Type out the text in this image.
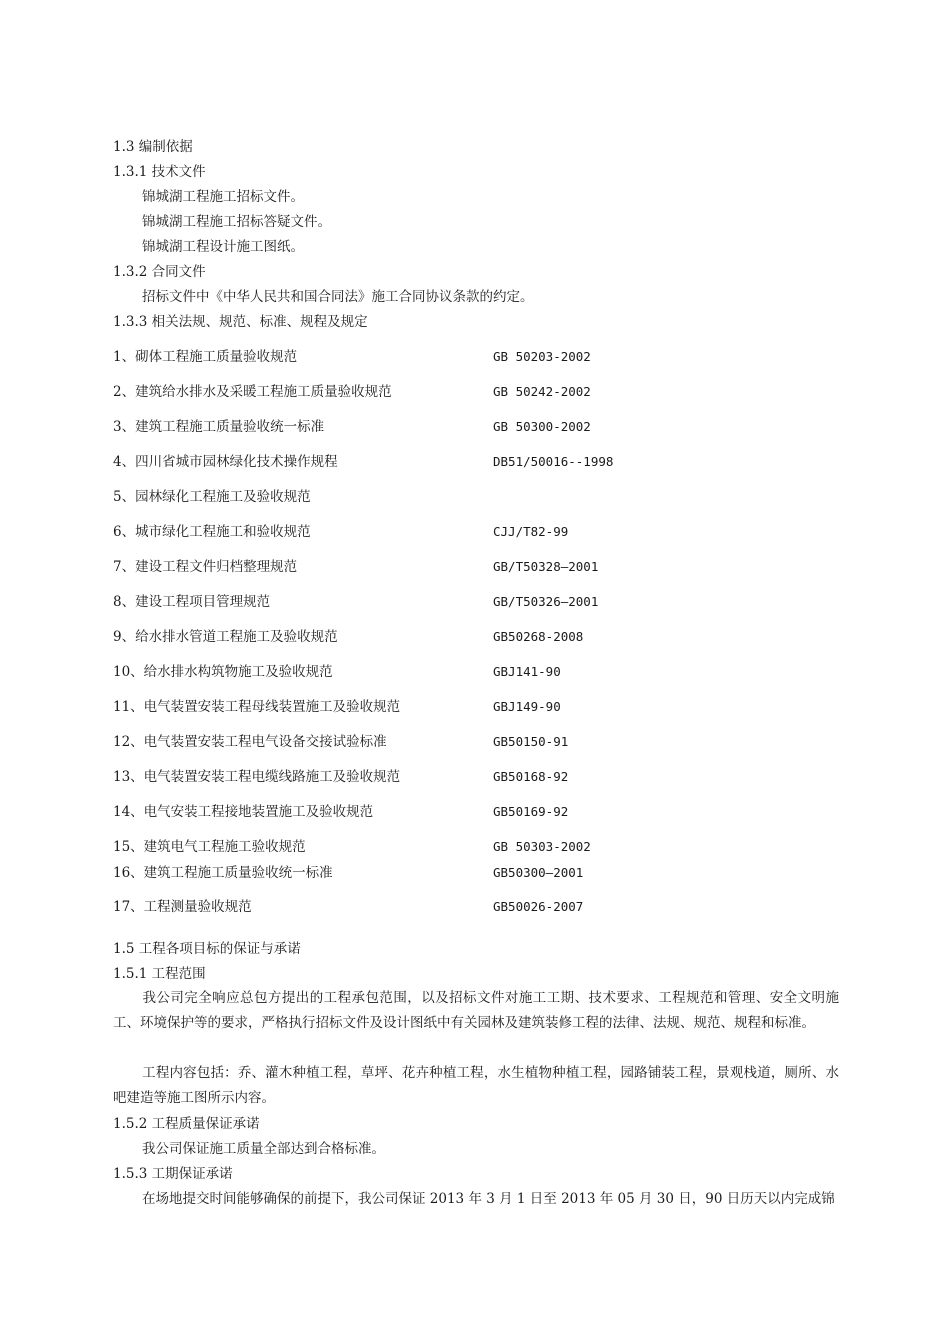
1.3 编制依据
1.3.1 技术文件
锦城湖工程施工招标文件。
锦城湖工程施工招标答疑文件。
锦城湖工程设计施工图纸。
1.3.2 合同文件
招标文件中《中华人民共和国合同法》施工合同协议条款的约定。
1.3.3 相关法规、规范、标准、规程及规定
1、砌体工程施工质量验收规范	GB 50203-2002
2、建筑给水排水及采暖工程施工质量验收规范	GB 50242-2002
3、建筑工程施工质量验收统一标准	GB 50300-2002
4、四川省城市园林绿化技术操作规程	DB51/50016--1998
5、园林绿化工程施工及验收规范
6、城市绿化工程施工和验收规范	CJJ/T82-99
7、建设工程文件归档整理规范	GB/T50328—2001
8、建设工程项目管理规范	GB/T50326—2001
9、给水排水管道工程施工及验收规范	GB50268-2008
10、给水排水构筑物施工及验收规范	GBJ141-90
11、电气装置安装工程母线装置施工及验收规范	GBJ149-90
12、电气装置安装工程电气设备交接试验标准	GB50150-91
13、电气装置安装工程电缆线路施工及验收规范	GB50168-92
14、电气安装工程接地装置施工及验收规范	GB50169-92
15、建筑电气工程施工验收规范	GB 50303-2002
16、建筑工程施工质量验收统一标准	GB50300—2001
17、工程测量验收规范	GB50026-2007
1.5 工程各项目标的保证与承诺
1.5.1 工程范围
我公司完全响应总包方提出的工程承包范围，以及招标文件对施工工期、技术要求、工程规范和管理、安全文明施工、环境保护等的要求，严格执行招标文件及设计图纸中有关园林及建筑装修工程的法律、法规、规范、规程和标准。
工程内容包括：乔、灌木种植工程，草坪、花卉种植工程，水生植物种植工程，园路铺装工程，景观栈道，厕所、水吧建造等施工图所示内容。
1.5.2 工程质量保证承诺
我公司保证施工质量全部达到合格标准。
1.5.3 工期保证承诺
在场地提交时间能够确保的前提下，我公司保证 2013 年 3 月 1 日至 2013 年 05 月 30 日，90 日历天以内完成锦
